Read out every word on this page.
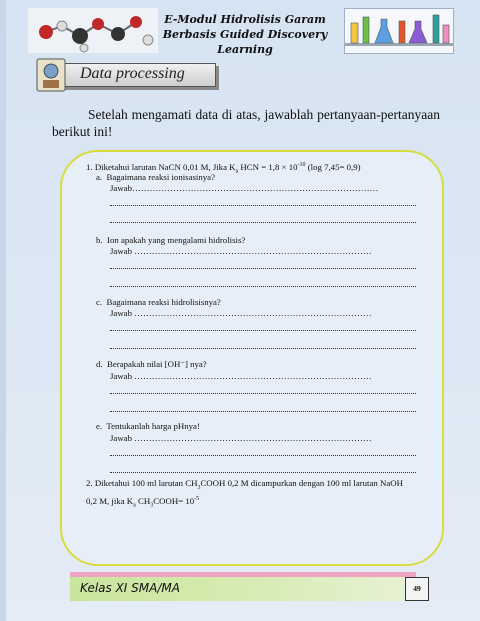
E-Modul Hidrolisis Garam
Berbasis Guided Discovery Learning
Data processing
Setelah mengamati data di atas, jawablah pertanyaan-pertanyaan berikut ini!
1. Diketahui larutan NaCN 0,01 M, Jika $K_a$ HCN = $1,8 \times 10^{-10}$ (log 7,45= 0,9)
a. Bagaimana reaksi ionisasinya?
Jawab…………………………………………………………………………
b. Ion apakah yang mengalami hidrolisis?
Jawab ………………………………………………………………………
c. Bagaimana reaksi hidrolisisnya?
Jawab ………………………………………………………………………
d. Berapakah nilai [OH⁻] nya?
Jawab ………………………………………………………………………
e. Tentukanlah harga pHnya!
Jawab ………………………………………………………………………
2. Diketahui 100 ml larutan $CH_3COOH$ 0,2 M dicampurkan dengan 100 ml larutan NaOH 0,2 M, jika $K_a$ $CH_3COOH= 10^{-5}$
Kelas XI SMA/MA	49
